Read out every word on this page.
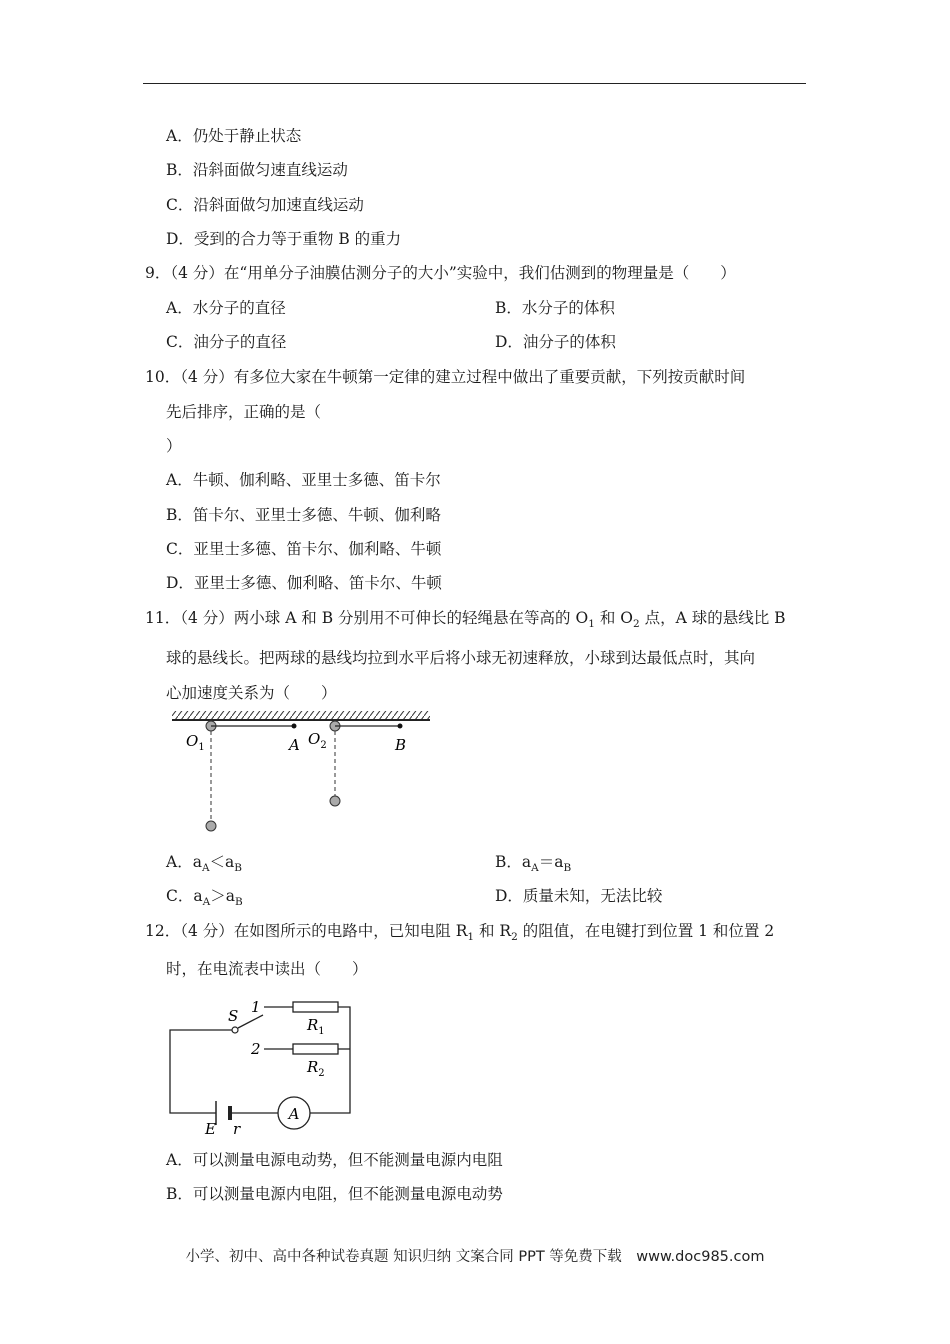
A．仍处于静止状态
B．沿斜面做匀速直线运动
C．沿斜面做匀加速直线运动
D．受到的合力等于重物 B 的重力
9．（4 分）在“用单分子油膜估测分子的大小”实验中，我们估测到的物理量是（　　）
A．水分子的直径	B．水分子的体积
C．油分子的直径	D．油分子的体积
10．（4 分）有多位大家在牛顿第一定律的建立过程中做出了重要贡献，下列按贡献时间
先后排序，正确的是（
）
A．牛顿、伽利略、亚里士多德、笛卡尔
B．笛卡尔、亚里士多德、牛顿、伽利略
C．亚里士多德、笛卡尔、伽利略、牛顿
D．亚里士多德、伽利略、笛卡尔、牛顿
11．（4 分）两小球 A 和 B 分别用不可伸长的轻绳悬在等高的 $O_1$ 和 $O_2$ 点，A 球的悬线比 B
球的悬线长。把两球的悬线均拉到水平后将小球无初速释放，小球到达最低点时，其向
心加速度关系为（　　）
$O_1$	A $O_2$	B
A．$a_A<a_B$	B．$a_A=a_B$
C．$a_A>a_B$	D．质量未知，无法比较
12．（4 分）在如图所示的电路中，已知电阻 $R_1$ 和 $R_2$ 的阻值，在电键打到位置 1 和位置 2
时，在电流表中读出（　　）
A
1
2
S	$R_1$
$R_2$
E r
A．可以测量电源电动势，但不能测量电源内电阻
B．可以测量电源内电阻，但不能测量电源电动势
小学、初中、高中各种试卷真题 知识归纳 文案合同 PPT 等免费下载　www.doc985.com
